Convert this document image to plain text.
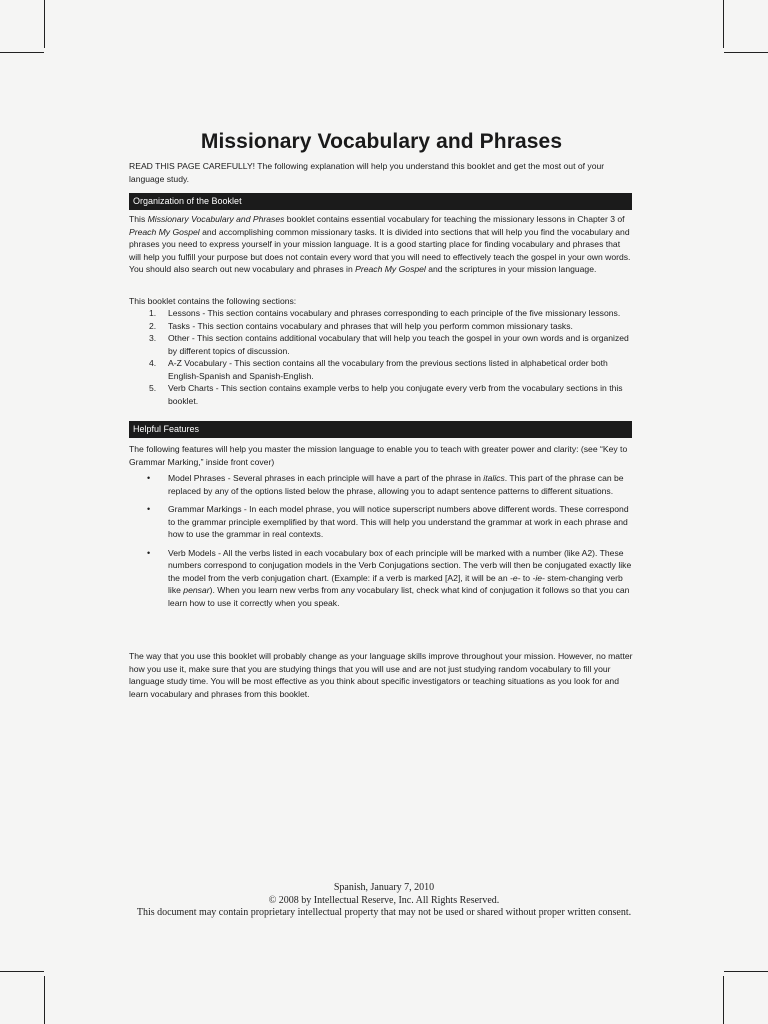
Missionary Vocabulary and Phrases
READ THIS PAGE CAREFULLY! The following explanation will help you understand this booklet and get the most out of your language study.
Organization of the Booklet
This Missionary Vocabulary and Phrases booklet contains essential vocabulary for teaching the missionary lessons in Chapter 3 of Preach My Gospel and accomplishing common missionary tasks. It is divided into sections that will help you find the vocabulary and phrases you need to express yourself in your mission language. It is a good starting place for finding vocabulary and phrases that will help you fulfill your purpose but does not contain every word that you will need to effectively teach the gospel in your own words. You should also search out new vocabulary and phrases in Preach My Gospel and the scriptures in your mission language.
This booklet contains the following sections:
1. Lessons - This section contains vocabulary and phrases corresponding to each principle of the five missionary lessons.
2. Tasks - This section contains vocabulary and phrases that will help you perform common missionary tasks.
3. Other - This section contains additional vocabulary that will help you teach the gospel in your own words and is organized by different topics of discussion.
4. A-Z Vocabulary - This section contains all the vocabulary from the previous sections listed in alphabetical order both English-Spanish and Spanish-English.
5. Verb Charts - This section contains example verbs to help you conjugate every verb from the vocabulary sections in this booklet.
Helpful Features
The following features will help you master the mission language to enable you to teach with greater power and clarity: (see “Key to Grammar Marking,” inside front cover)
• Model Phrases - Several phrases in each principle will have a part of the phrase in italics. This part of the phrase can be replaced by any of the options listed below the phrase, allowing you to adapt sentence patterns to different situations.
• Grammar Markings - In each model phrase, you will notice superscript numbers above different words. These correspond to the grammar principle exemplified by that word. This will help you understand the grammar at work in each phrase and how to use the grammar in real contexts.
• Verb Models - All the verbs listed in each vocabulary box of each principle will be marked with a number (like A2). These numbers correspond to conjugation models in the Verb Conjugations section. The verb will then be conjugated exactly like the model from the verb conjugation chart. (Example: if a verb is marked [A2], it will be an -e- to -ie- stem-changing verb like pensar). When you learn new verbs from any vocabulary list, check what kind of conjugation it follows so that you can learn how to use it correctly when you speak.
The way that you use this booklet will probably change as your language skills improve throughout your mission. However, no matter how you use it, make sure that you are studying things that you will use and are not just studying random vocabulary to fill your language study time. You will be most effective as you think about specific investigators or teaching situations as you look for and learn vocabulary and phrases from this booklet.
Spanish, January 7, 2010
© 2008 by Intellectual Reserve, Inc. All Rights Reserved.
This document may contain proprietary intellectual property that may not be used or shared without proper written consent.
